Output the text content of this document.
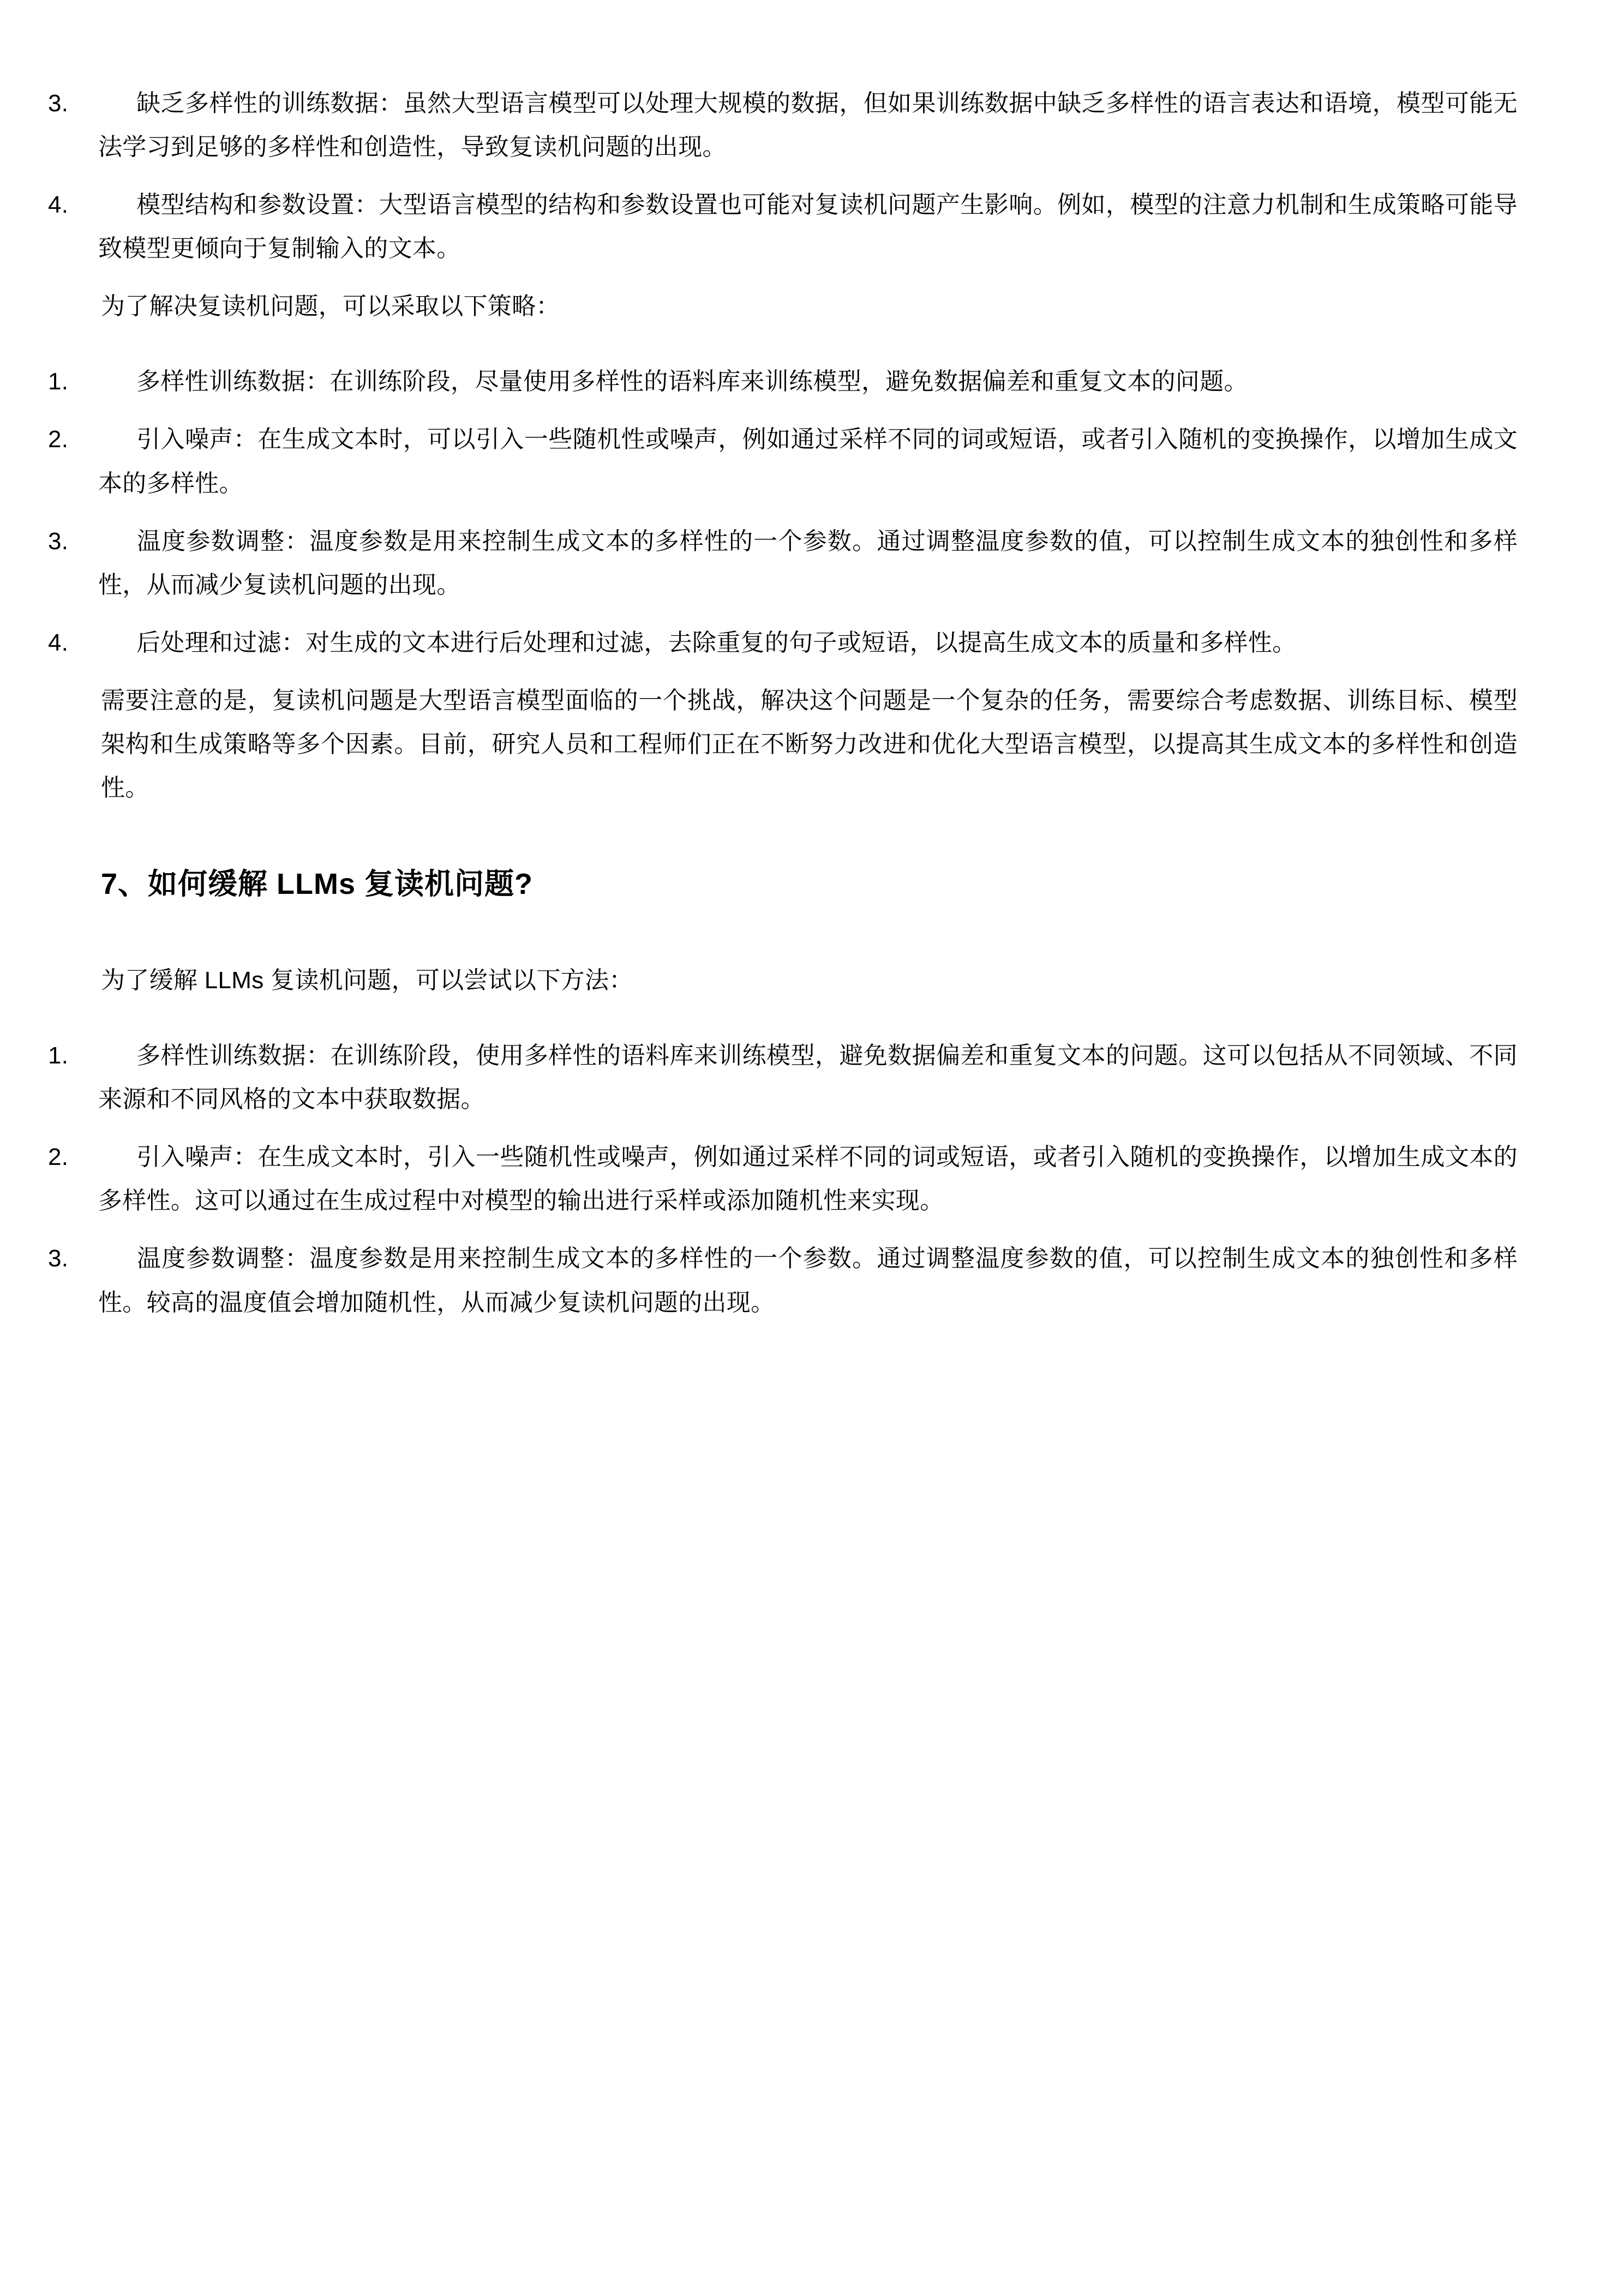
3.	缺乏多样性的训练数据：虽然大型语言模型可以处理大规模的数据，但如果训练数据中缺乏多样性的语言表达和语境，模型可能无法学习到足够的多样性和创造性，导致复读机问题的出现。
4.	模型结构和参数设置：大型语言模型的结构和参数设置也可能对复读机问题产生影响。例如，模型的注意力机制和生成策略可能导致模型更倾向于复制输入的文本。

为了解决复读机问题，可以采取以下策略：

1.	多样性训练数据：在训练阶段，尽量使用多样性的语料库来训练模型，避免数据偏差和重复文本的问题。
2.	引入噪声：在生成文本时，可以引入一些随机性或噪声，例如通过采样不同的词或短语，或者引入随机的变换操作，以增加生成文本的多样性。
3.	温度参数调整：温度参数是用来控制生成文本的多样性的一个参数。通过调整温度参数的值，可以控制生成文本的独创性和多样性，从而减少复读机问题的出现。
4.	后处理和过滤：对生成的文本进行后处理和过滤，去除重复的句子或短语，以提高生成文本的质量和多样性。

需要注意的是，复读机问题是大型语言模型面临的一个挑战，解决这个问题是一个复杂的任务，需要综合考虑数据、训练目标、模型架构和生成策略等多个因素。目前，研究人员和工程师们正在不断努力改进和优化大型语言模型，以提高其生成文本的多样性和创造性。

7、如何缓解 LLMs 复读机问题?

为了缓解 LLMs 复读机问题，可以尝试以下方法：

1.	多样性训练数据：在训练阶段，使用多样性的语料库来训练模型，避免数据偏差和重复文本的问题。这可以包括从不同领域、不同来源和不同风格的文本中获取数据。
2.	引入噪声：在生成文本时，引入一些随机性或噪声，例如通过采样不同的词或短语，或者引入随机的变换操作，以增加生成文本的多样性。这可以通过在生成过程中对模型的输出进行采样或添加随机性来实现。
3.	温度参数调整：温度参数是用来控制生成文本的多样性的一个参数。通过调整温度参数的值，可以控制生成文本的独创性和多样性。较高的温度值会增加随机性，从而减少复读机问题的出现。
